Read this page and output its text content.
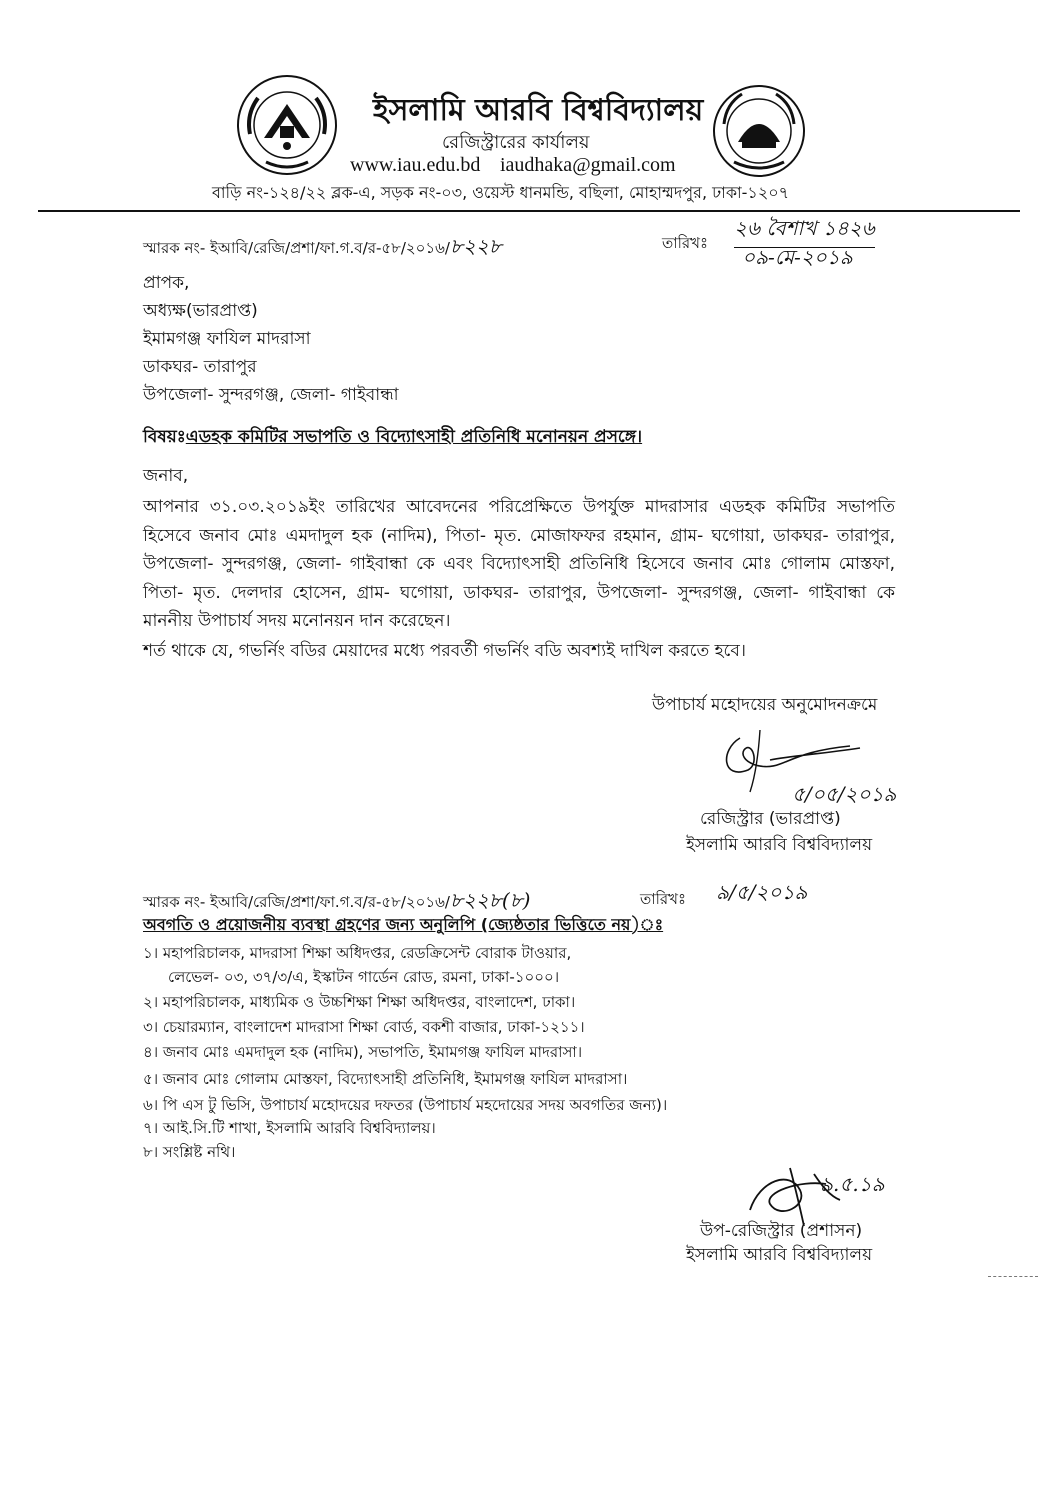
ইসলামি আরবি বিশ্ববিদ্যালয়
রেজিস্ট্রারের কার্যালয়
www.iau.edu.bd iaudhaka@gmail.com
বাড়ি নং-১২৪/২২ ব্লক-এ, সড়ক নং-০৩, ওয়েস্ট ধানমন্ডি, বছিলা, মোহাম্মদপুর, ঢাকা-১২০৭
স্মারক নং- ইআবি/রেজি/প্রশা/ফা.গ.ব/র-৫৮/২০১৬/৮২২৮	তারিখঃ
২৬ বৈশাখ ১৪২৬
০৯-মে-২০১৯
প্রাপক,
অধ্যক্ষ(ভারপ্রাপ্ত)
ইমামগঞ্জ ফাযিল মাদরাসা
ডাকঘর- তারাপুর
উপজেলা- সুন্দরগঞ্জ, জেলা- গাইবান্ধা
বিষয়ঃএডহক কমিটির সভাপতি ও বিদ্যোৎসাহী প্রতিনিধি মনোনয়ন প্রসঙ্গে।
জনাব,
আপনার ৩১.০৩.২০১৯ইং তারিখের আবেদনের পরিপ্রেক্ষিতে উপর্যুক্ত মাদরাসার এডহক কমিটির সভাপতি হিসেবে জনাব মোঃ এমদাদুল হক (নাদিম), পিতা- মৃত. মোজাফফর রহমান, গ্রাম- ঘগোয়া, ডাকঘর- তারাপুর, উপজেলা- সুন্দরগঞ্জ, জেলা- গাইবান্ধা কে এবং বিদ্যোৎসাহী প্রতিনিধি হিসেবে জনাব মোঃ গোলাম মোস্তফা, পিতা- মৃত. দেলদার হোসেন, গ্রাম- ঘগোয়া, ডাকঘর- তারাপুর, উপজেলা- সুন্দরগঞ্জ, জেলা- গাইবান্ধা কে মাননীয় উপাচার্য সদয় মনোনয়ন দান করেছেন।
শর্ত থাকে যে, গভর্নিং বডির মেয়াদের মধ্যে পরবর্তী গভর্নিং বডি অবশ্যই দাখিল করতে হবে।
উপাচার্য মহোদয়ের অনুমোদনক্রমে
৫/০৫/২০১৯
রেজিস্ট্রার (ভারপ্রাপ্ত)
ইসলামি আরবি বিশ্ববিদ্যালয়
স্মারক নং- ইআবি/রেজি/প্রশা/ফা.গ.ব/র-৫৮/২০১৬/৮২২৮(৮)	তারিখঃ ৯/৫/২০১৯
অবগতি ও প্রয়োজনীয় ব্যবস্থা গ্রহণের জন্য অনুলিপি (জ্যেষ্ঠতার ভিত্তিতে নয়)ঃ
১। মহাপরিচালক, মাদরাসা শিক্ষা অধিদপ্তর, রেডক্রিসেন্ট বোরাক টাওয়ার,
লেভেল- ০৩, ৩৭/৩/এ, ইস্কাটন গার্ডেন রোড, রমনা, ঢাকা-১০০০।
২। মহাপরিচালক, মাধ্যমিক ও উচ্চশিক্ষা শিক্ষা অধিদপ্তর, বাংলাদেশ, ঢাকা।
৩। চেয়ারম্যান, বাংলাদেশ মাদরাসা শিক্ষা বোর্ড, বকশী বাজার, ঢাকা-১২১১।
৪। জনাব মোঃ এমদাদুল হক (নাদিম), সভাপতি, ইমামগঞ্জ ফাযিল মাদরাসা।
৫। জনাব মোঃ গোলাম মোস্তফা, বিদ্যোৎসাহী প্রতিনিধি, ইমামগঞ্জ ফাযিল মাদরাসা।
৬। পি এস টু ভিসি, উপাচার্য মহোদয়ের দফতর (উপাচার্য মহদোয়ের সদয় অবগতির জন্য)।
৭। আই.সি.টি শাখা, ইসলামি আরবি বিশ্ববিদ্যালয়।
৮। সংশ্লিষ্ট নথি।
৯.৫.১৯
উপ-রেজিস্ট্রার (প্রশাসন)
ইসলামি আরবি বিশ্ববিদ্যালয়
